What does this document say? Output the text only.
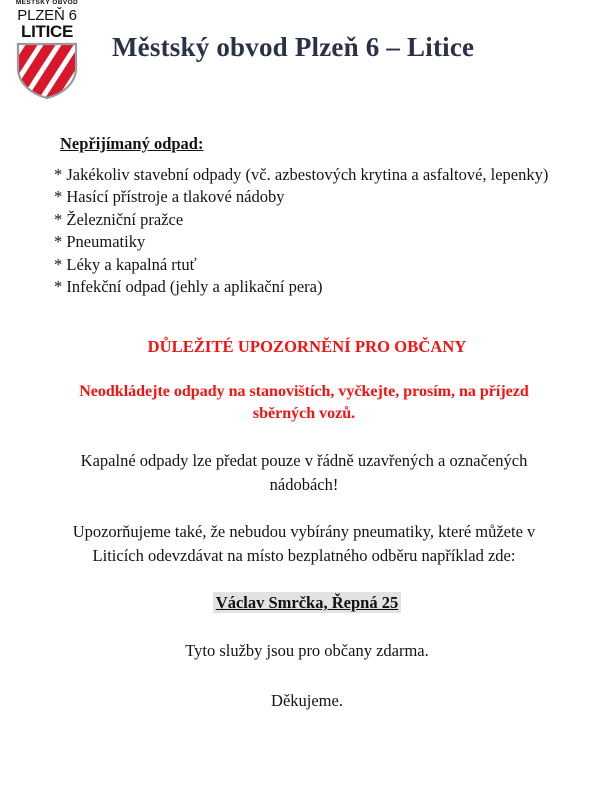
MĚSTSKÝ OBVOD
PLZEŇ 6
LITICE
Městský obvod Plzeň 6 – Litice
Nepřijímaný odpad:
* Jakékoliv stavební odpady (vč. azbestových krytina a asfaltové, lepenky)
* Hasící přístroje a tlakové nádoby
* Železniční pražce
* Pneumatiky
* Léky a kapalná rtuť
* Infekční odpad (jehly a aplikační pera)
DŮLEŽITÉ UPOZORNĚNÍ PRO OBČANY
Neodkládejte odpady na stanovištích, vyčkejte, prosím, na příjezd sběrných vozů.
Kapalné odpady lze předat pouze v řádně uzavřených a označených nádobách!
Upozorňujeme také, že nebudou vybírány pneumatiky, které můžete v Liticích odevzdávat na místo bezplatného odběru například zde:
Václav Smrčka, Řepná 25
Tyto služby jsou pro občany zdarma.
Děkujeme.
